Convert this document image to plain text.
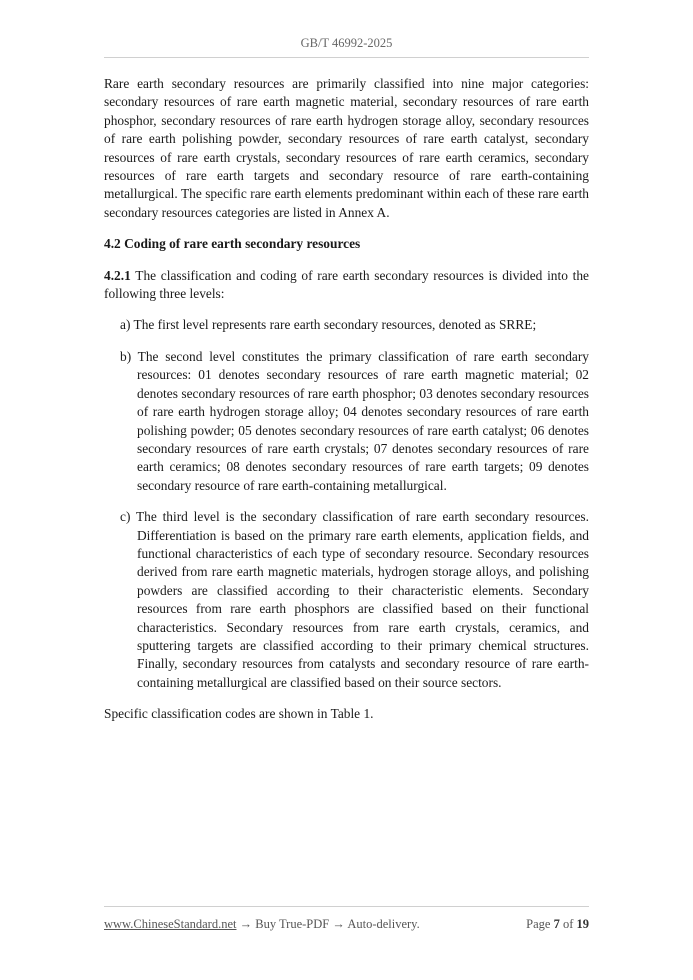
GB/T 46992-2025

Rare earth secondary resources are primarily classified into nine major categories: secondary resources of rare earth magnetic material, secondary resources of rare earth phosphor, secondary resources of rare earth hydrogen storage alloy, secondary resources of rare earth polishing powder, secondary resources of rare earth catalyst, secondary resources of rare earth crystals, secondary resources of rare earth ceramics, secondary resources of rare earth targets and secondary resource of rare earth-containing metallurgical. The specific rare earth elements predominant within each of these rare earth secondary resources categories are listed in Annex A.

4.2 Coding of rare earth secondary resources

4.2.1 The classification and coding of rare earth secondary resources is divided into the following three levels:

a) The first level represents rare earth secondary resources, denoted as SRRE;
b) The second level constitutes the primary classification of rare earth secondary resources: 01 denotes secondary resources of rare earth magnetic material; 02 denotes secondary resources of rare earth phosphor; 03 denotes secondary resources of rare earth hydrogen storage alloy; 04 denotes secondary resources of rare earth polishing powder; 05 denotes secondary resources of rare earth catalyst; 06 denotes secondary resources of rare earth crystals; 07 denotes secondary resources of rare earth ceramics; 08 denotes secondary resources of rare earth targets; 09 denotes secondary resource of rare earth-containing metallurgical.
c) The third level is the secondary classification of rare earth secondary resources. Differentiation is based on the primary rare earth elements, application fields, and functional characteristics of each type of secondary resource. Secondary resources derived from rare earth magnetic materials, hydrogen storage alloys, and polishing powders are classified according to their characteristic elements. Secondary resources from rare earth phosphors are classified based on their functional characteristics. Secondary resources from rare earth crystals, ceramics, and sputtering targets are classified according to their primary chemical structures. Finally, secondary resources from catalysts and secondary resource of rare earth-containing metallurgical are classified based on their source sectors.

Specific classification codes are shown in Table 1.

www.ChineseStandard.net → Buy True-PDF → Auto-delivery.	Page 7 of 19
